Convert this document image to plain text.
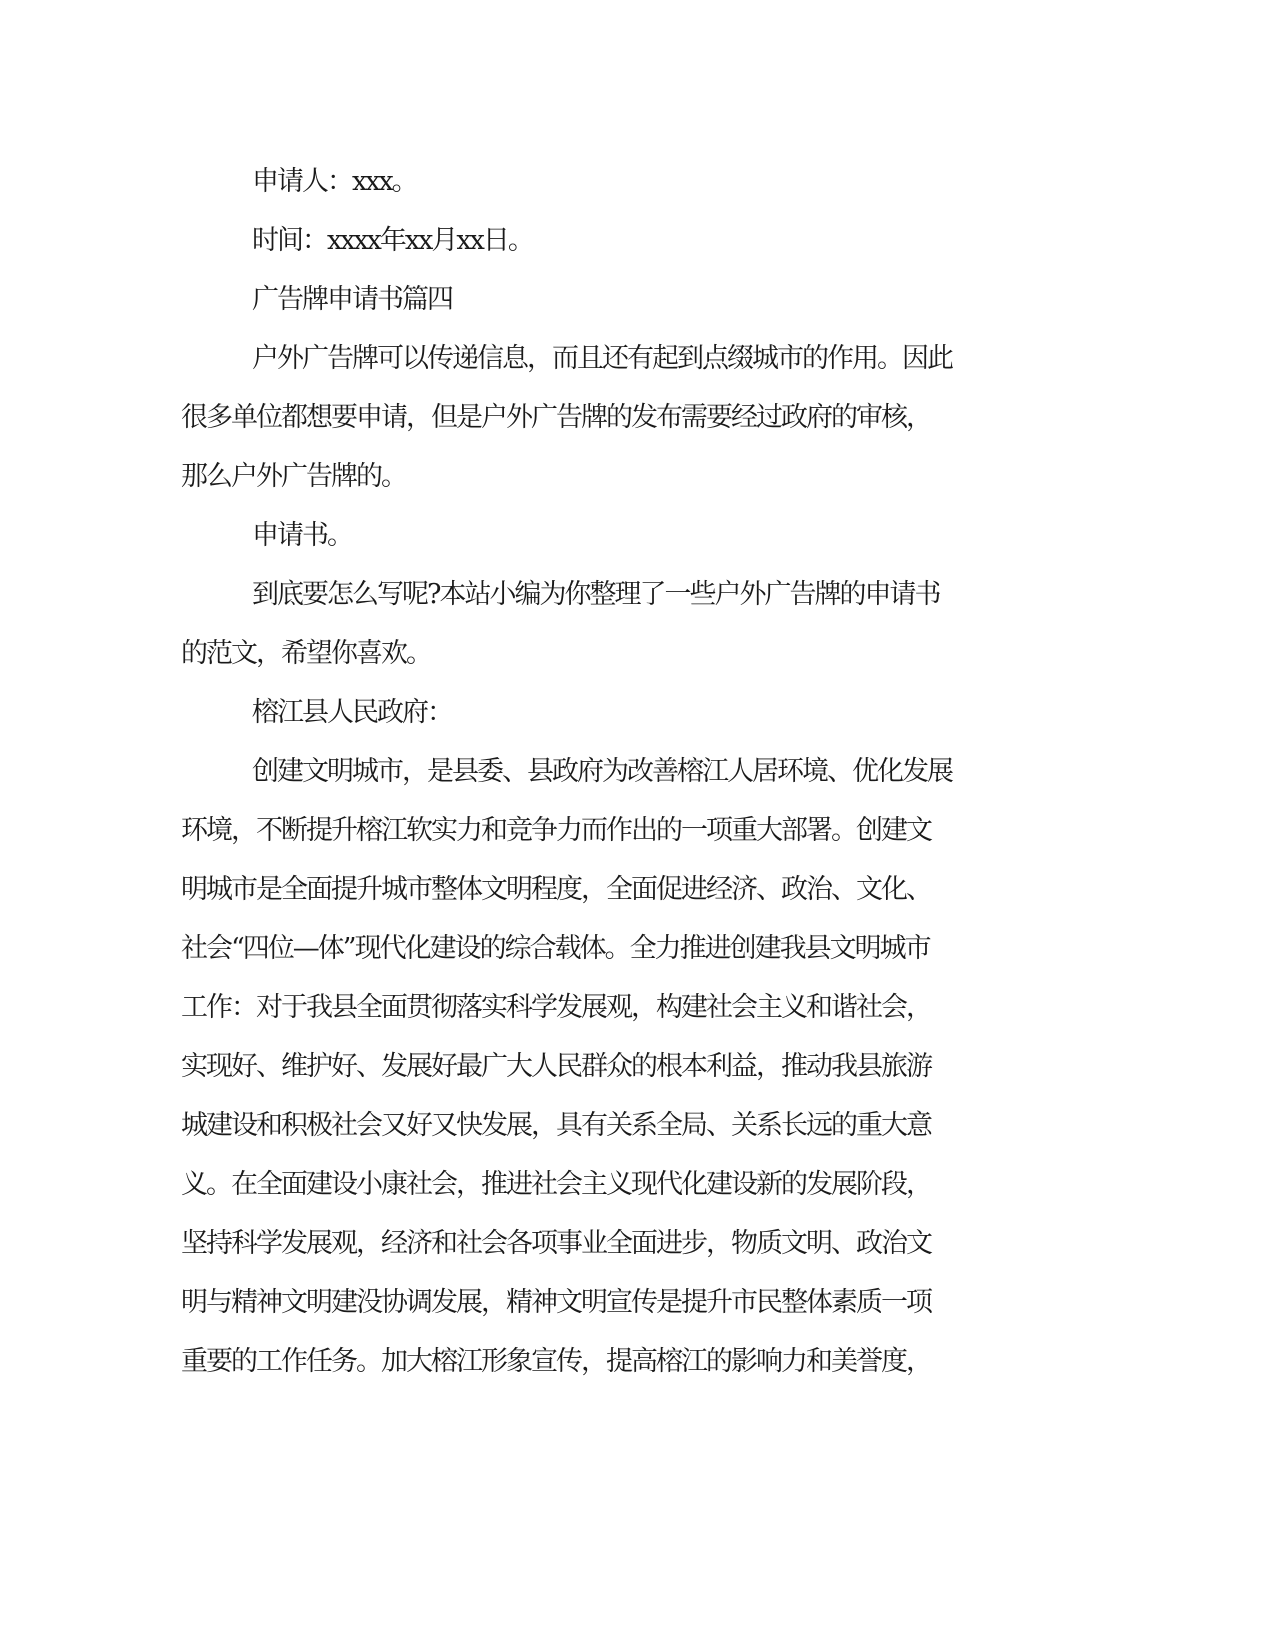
申请人：xxx。
时间：xxxx年xx月xx日。
广告牌申请书篇四
户外广告牌可以传递信息，而且还有起到点缀城市的作用。因此
很多单位都想要申请，但是户外广告牌的发布需要经过政府的审核，
那么户外广告牌的。
申请书。
到底要怎么写呢?本站小编为你整理了一些户外广告牌的申请书
的范文，希望你喜欢。
榕江县人民政府：
创建文明城市，是县委、县政府为改善榕江人居环境、优化发展
环境，不断提升榕江软实力和竞争力而作出的一项重大部署。创建文
明城市是全面提升城市整体文明程度，全面促进经济、政治、文化、
社会“四位—体”现代化建设的综合载体。全力推进创建我县文明城市
工作：对于我县全面贯彻落实科学发展观，构建社会主义和谐社会，
实现好、维护好、发展好最广大人民群众的根本利益，推动我县旅游
城建设和积极社会又好又快发展，具有关系全局、关系长远的重大意
义。在全面建设小康社会，推进社会主义现代化建设新的发展阶段，
坚持科学发展观，经济和社会各项事业全面进步，物质文明、政治文
明与精神文明建没协调发展，精神文明宣传是提升市民整体素质一项
重要的工作任务。加大榕江形象宣传，提高榕江的影响力和美誉度，
